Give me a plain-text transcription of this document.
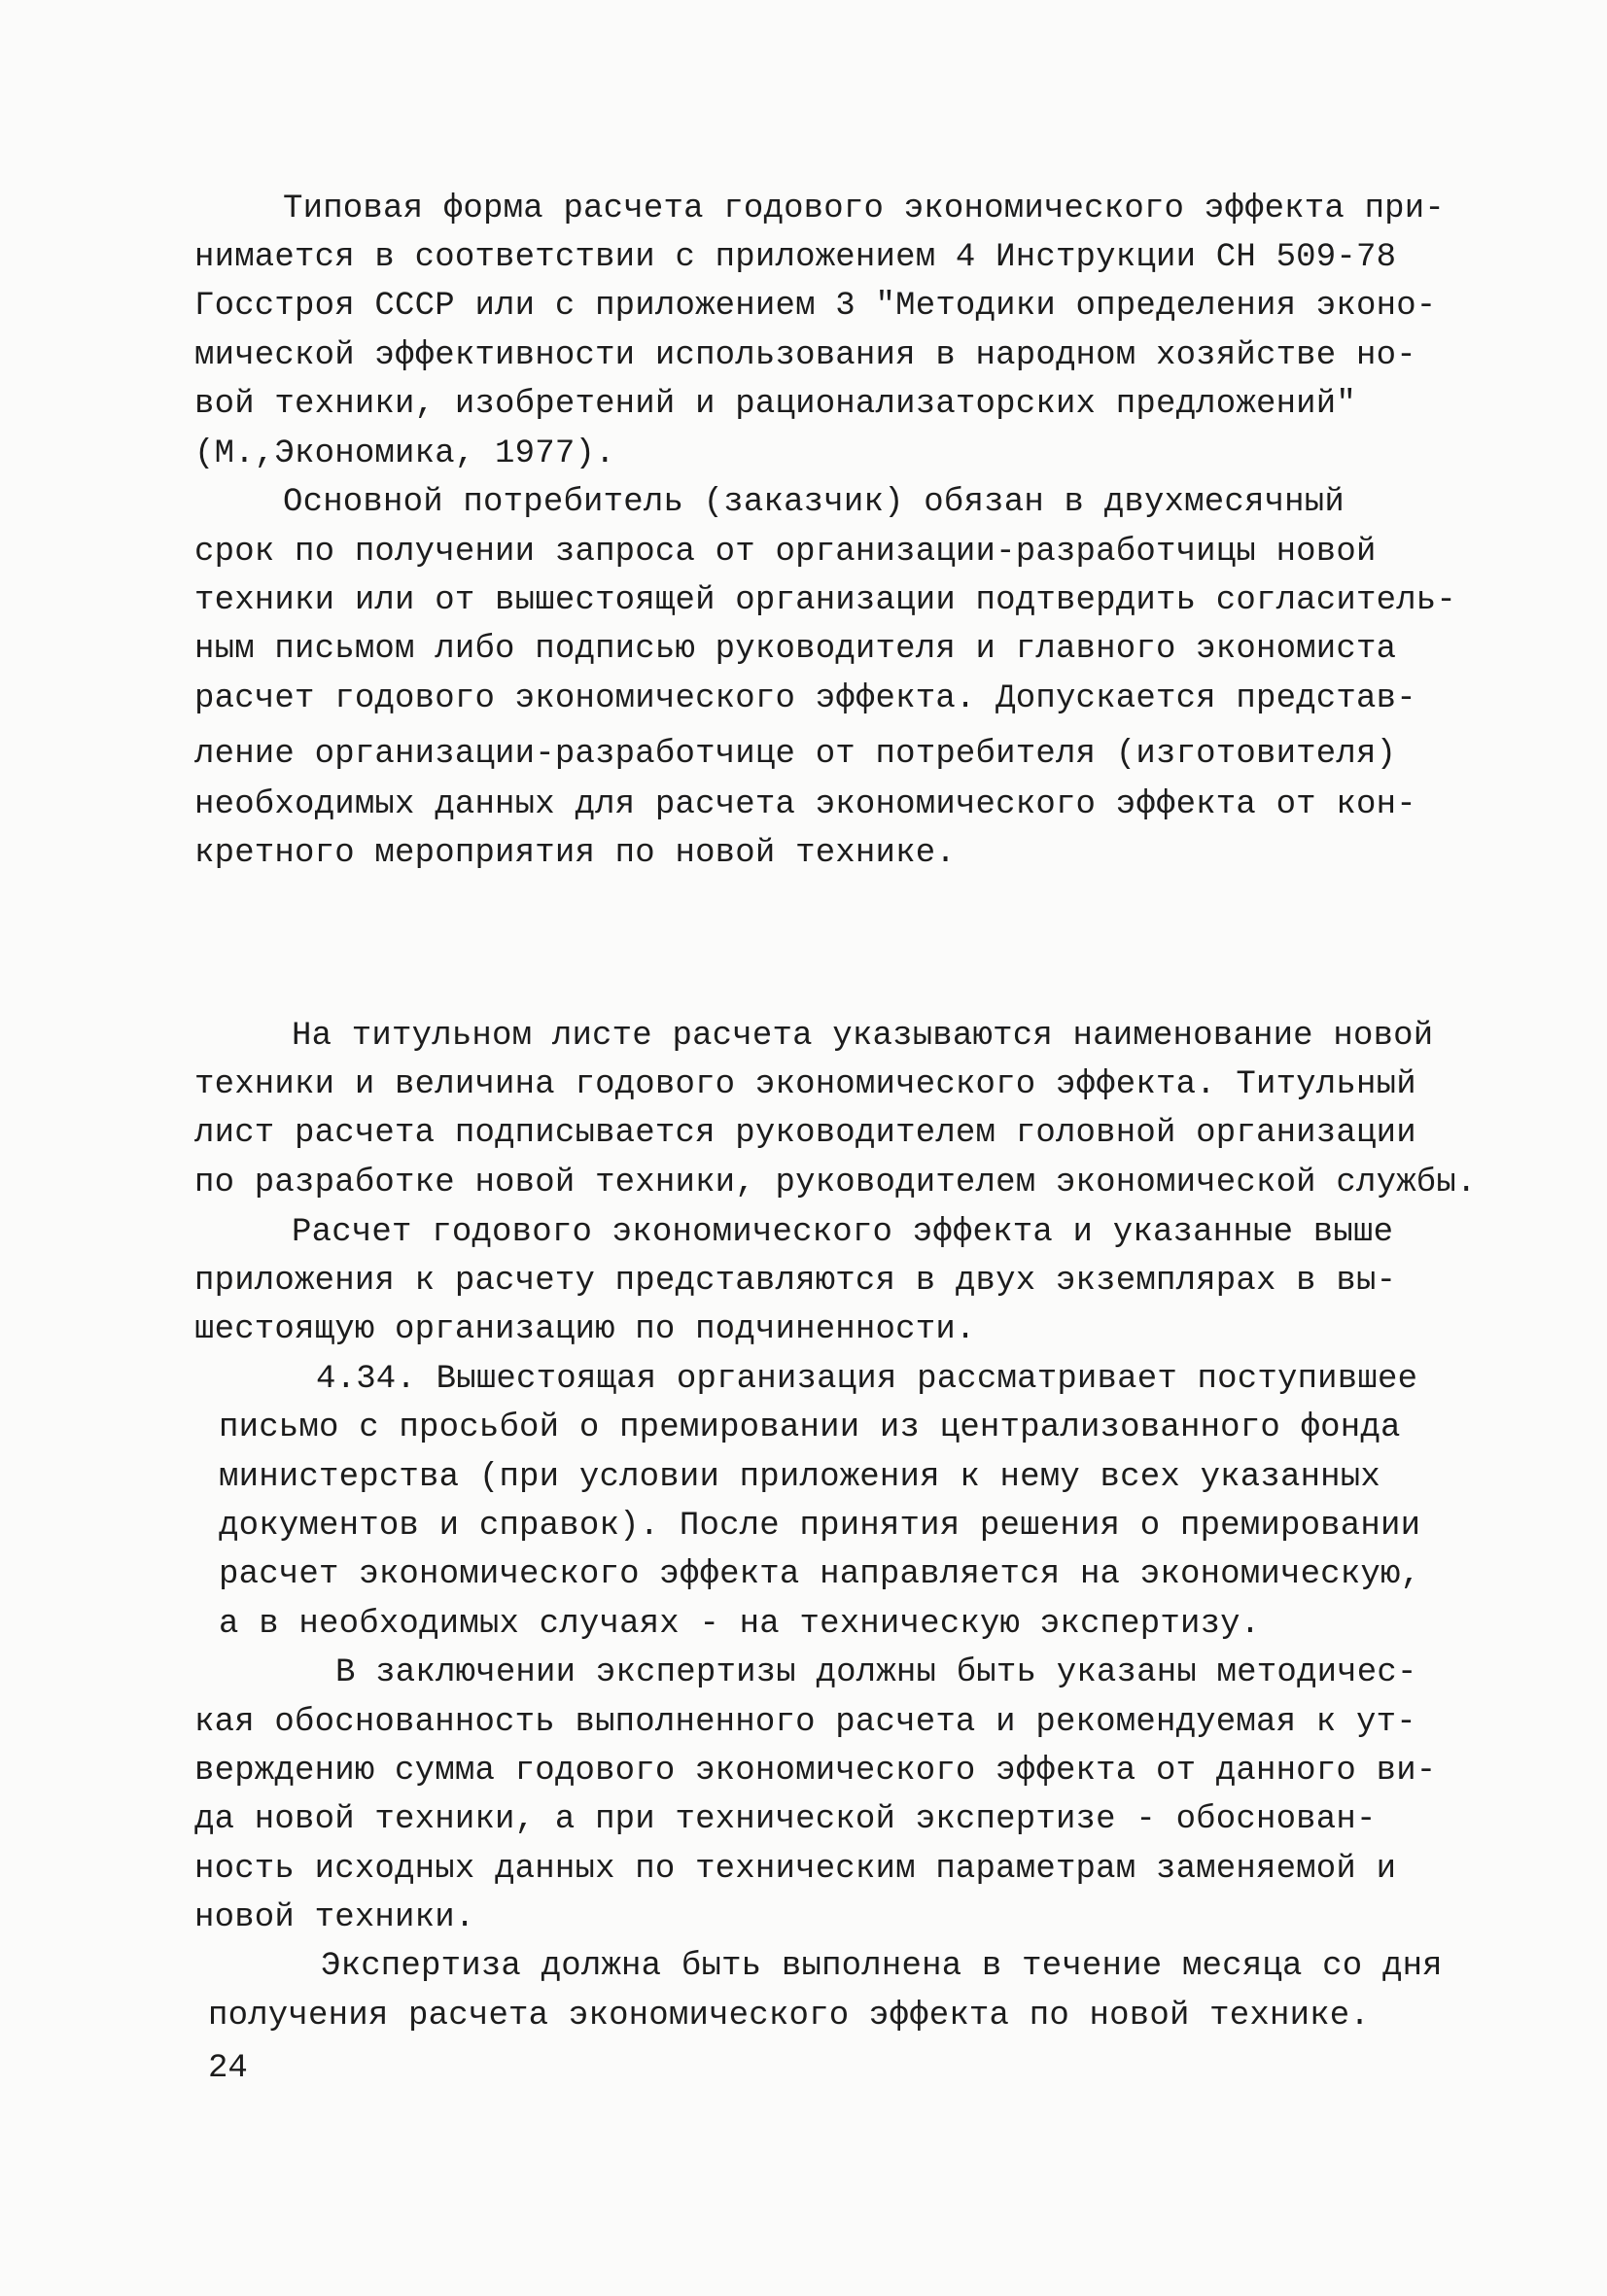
Типовая форма расчета годового экономического эффекта при-

нимается в соответствии с приложением 4 Инструкции СН 509-78

Госстроя СССР или с приложением 3 "Методики определения эконо-

мической эффективности использования в народном хозяйстве но-

вой техники, изобретений и рационализаторских предложений"

(М.,Экономика, 1977).

Основной потребитель (заказчик) обязан в двухмесячный

срок по получении запроса от организации-разработчицы новой

техники или от вышестоящей организации подтвердить согласитель-

ным письмом либо подписью руководителя и главного экономиста

расчет годового экономического эффекта. Допускается представ-

ление организации-разработчице от потребителя (изготовителя)

необходимых данных для расчета экономического эффекта от кон-

кретного мероприятия по новой технике.

На титульном листе расчета указываются наименование новой

техники и величина годового экономического эффекта. Титульный

лист расчета подписывается руководителем головной организации

по разработке новой техники, руководителем экономической службы.

Расчет годового экономического эффекта и указанные выше

приложения к расчету представляются в двух экземплярах в вы-

шестоящую организацию по подчиненности.

4.34. Вышестоящая организация рассматривает поступившее

письмо с просьбой о премировании из централизованного фонда

министерства (при условии приложения к нему всех указанных

документов и справок). После принятия решения о премировании

расчет экономического эффекта направляется на экономическую,

а в необходимых случаях - на техническую экспертизу.

В заключении экспертизы должны быть указаны методичес-

кая обоснованность выполненного расчета и рекомендуемая к ут-

верждению сумма годового экономического эффекта от данного ви-

да новой техники, а при технической экспертизе - обоснован-

ность исходных данных по техническим параметрам заменяемой и

новой техники.

Экспертиза должна быть выполнена в течение месяца со дня

получения расчета экономического эффекта по новой технике.

24
